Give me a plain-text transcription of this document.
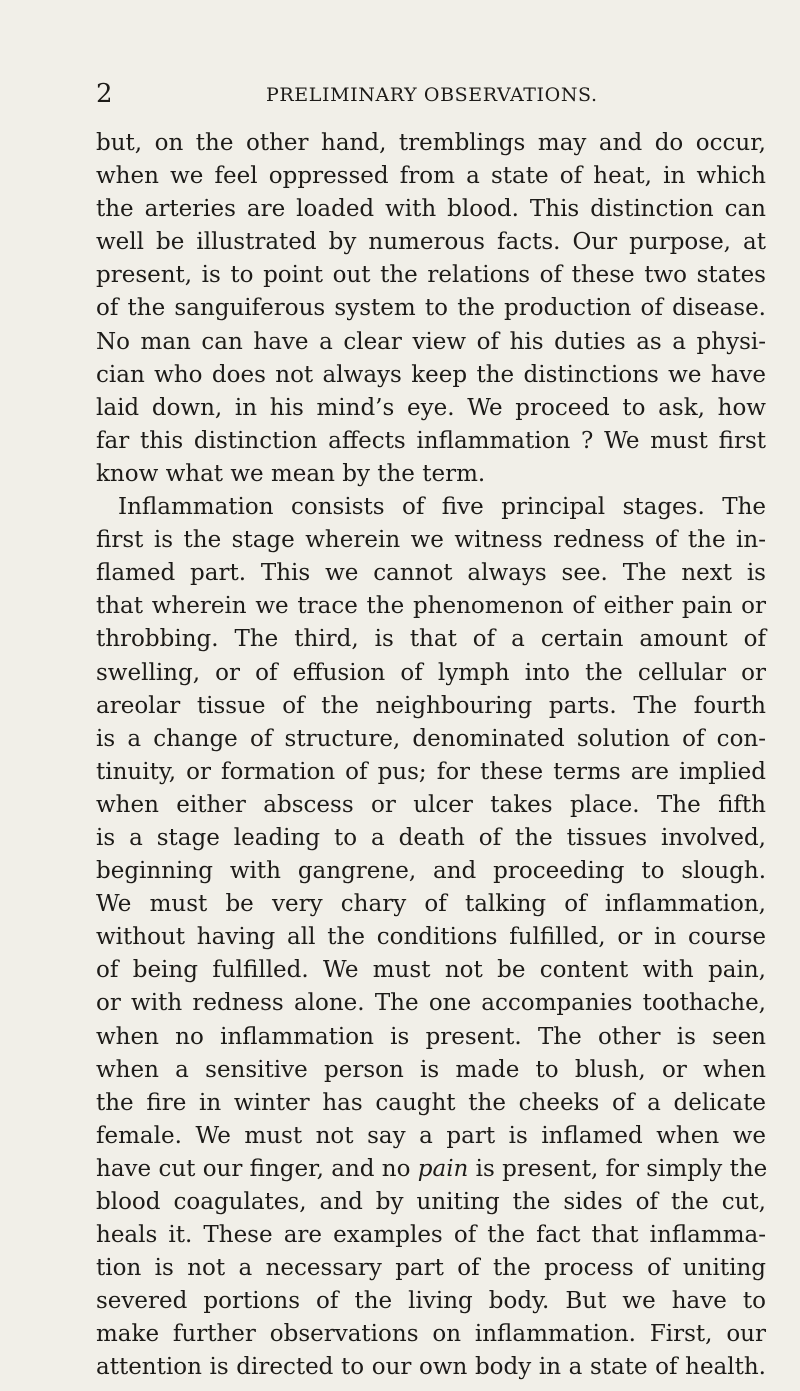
2	PRELIMINARY OBSERVATIONS.
but, on the other hand, tremblings may and do occur,
when we feel oppressed from a state of heat, in which
the arteries are loaded with blood. This distinction can
well be illustrated by numerous facts. Our purpose, at
present, is to point out the relations of these two states
of the sanguiferous system to the production of disease.
No man can have a clear view of his duties as a physi-
cian who does not always keep the distinctions we have
laid down, in his mind’s eye. We proceed to ask, how
far this distinction affects inflammation ? We must first
know what we mean by the term.
Inflammation consists of five principal stages. The
first is the stage wherein we witness redness of the in-
flamed part. This we cannot always see. The next is
that wherein we trace the phenomenon of either pain or
throbbing. The third, is that of a certain amount of
swelling, or of effusion of lymph into the cellular or
areolar tissue of the neighbouring parts. The fourth
is a change of structure, denominated solution of con-
tinuity, or formation of pus; for these terms are implied
when either abscess or ulcer takes place. The fifth
is a stage leading to a death of the tissues involved,
beginning with gangrene, and proceeding to slough.
We must be very chary of talking of inflammation,
without having all the conditions fulfilled, or in course
of being fulfilled. We must not be content with pain,
or with redness alone. The one accompanies toothache,
when no inflammation is present. The other is seen
when a sensitive person is made to blush, or when
the fire in winter has caught the cheeks of a delicate
female. We must not say a part is inflamed when we
have cut our finger, and no pain is present, for simply the
blood coagulates, and by uniting the sides of the cut,
heals it. These are examples of the fact that inflamma-
tion is not a necessary part of the process of uniting
severed portions of the living body. But we have to
make further observations on inflammation. First, our
attention is directed to our own body in a state of health.
